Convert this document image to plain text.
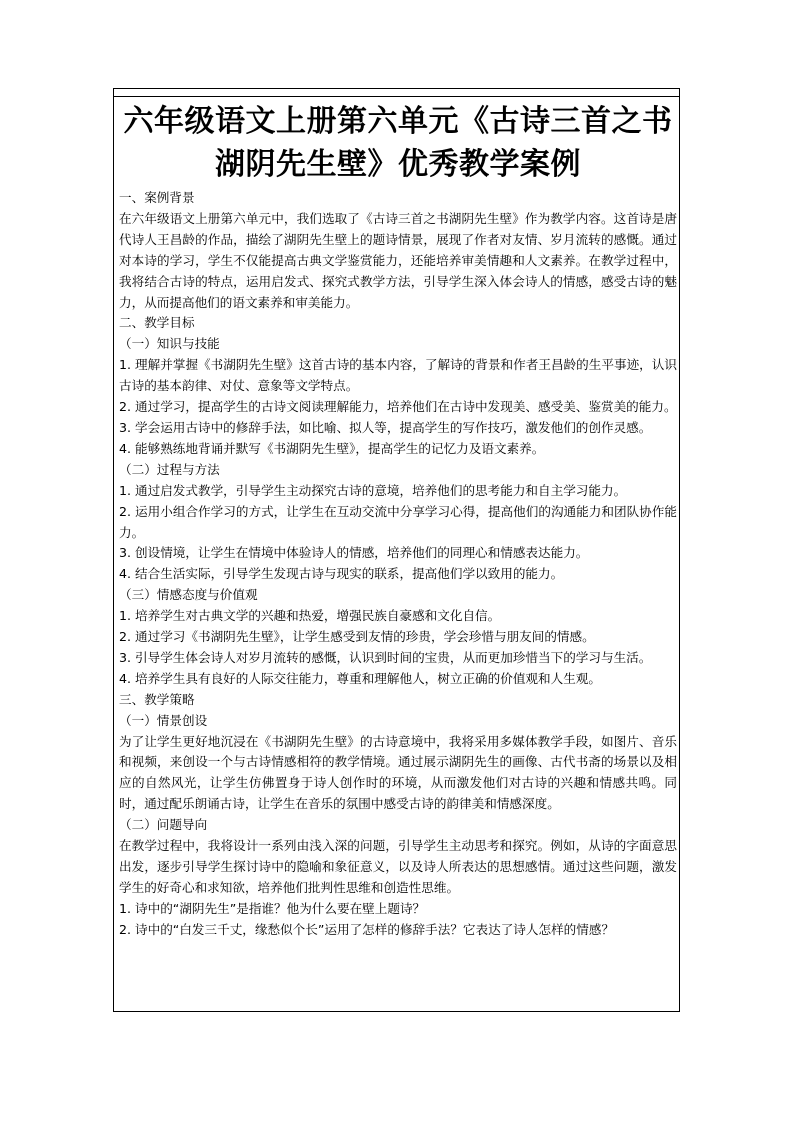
六年级语文上册第六单元《古诗三首之书湖阴先生壁》优秀教学案例

一、案例背景

在六年级语文上册第六单元中，我们选取了《古诗三首之书湖阴先生壁》作为教学内容。这首诗是唐代诗人王昌龄的作品，描绘了湖阴先生壁上的题诗情景，展现了作者对友情、岁月流转的感慨。通过对本诗的学习，学生不仅能提高古典文学鉴赏能力，还能培养审美情趣和人文素养。在教学过程中，我将结合古诗的特点，运用启发式、探究式教学方法，引导学生深入体会诗人的情感，感受古诗的魅力，从而提高他们的语文素养和审美能力。

二、教学目标

（一）知识与技能

1. 理解并掌握《书湖阴先生壁》这首古诗的基本内容，了解诗的背景和作者王昌龄的生平事迹，认识古诗的基本韵律、对仗、意象等文学特点。

2. 通过学习，提高学生的古诗文阅读理解能力，培养他们在古诗中发现美、感受美、鉴赏美的能力。

3. 学会运用古诗中的修辞手法，如比喻、拟人等，提高学生的写作技巧，激发他们的创作灵感。

4. 能够熟练地背诵并默写《书湖阴先生壁》，提高学生的记忆力及语文素养。

（二）过程与方法

1. 通过启发式教学，引导学生主动探究古诗的意境，培养他们的思考能力和自主学习能力。

2. 运用小组合作学习的方式，让学生在互动交流中分享学习心得，提高他们的沟通能力和团队协作能力。

3. 创设情境，让学生在情境中体验诗人的情感，培养他们的同理心和情感表达能力。

4. 结合生活实际，引导学生发现古诗与现实的联系，提高他们学以致用的能力。

（三）情感态度与价值观

1. 培养学生对古典文学的兴趣和热爱，增强民族自豪感和文化自信。

2. 通过学习《书湖阴先生壁》，让学生感受到友情的珍贵，学会珍惜与朋友间的情感。

3. 引导学生体会诗人对岁月流转的感慨，认识到时间的宝贵，从而更加珍惜当下的学习与生活。

4. 培养学生具有良好的人际交往能力，尊重和理解他人，树立正确的价值观和人生观。

三、教学策略

（一）情景创设

为了让学生更好地沉浸在《书湖阴先生壁》的古诗意境中，我将采用多媒体教学手段，如图片、音乐和视频，来创设一个与古诗情感相符的教学情境。通过展示湖阴先生的画像、古代书斋的场景以及相应的自然风光，让学生仿佛置身于诗人创作时的环境，从而激发他们对古诗的兴趣和情感共鸣。同时，通过配乐朗诵古诗，让学生在音乐的氛围中感受古诗的韵律美和情感深度。

（二）问题导向

在教学过程中，我将设计一系列由浅入深的问题，引导学生主动思考和探究。例如，从诗的字面意思出发，逐步引导学生探讨诗中的隐喻和象征意义，以及诗人所表达的思想感情。通过这些问题，激发学生的好奇心和求知欲，培养他们批判性思维和创造性思维。

1. 诗中的“湖阴先生”是指谁？他为什么要在壁上题诗？

2. 诗中的“白发三千丈，缘愁似个长”运用了怎样的修辞手法？它表达了诗人怎样的情感？
